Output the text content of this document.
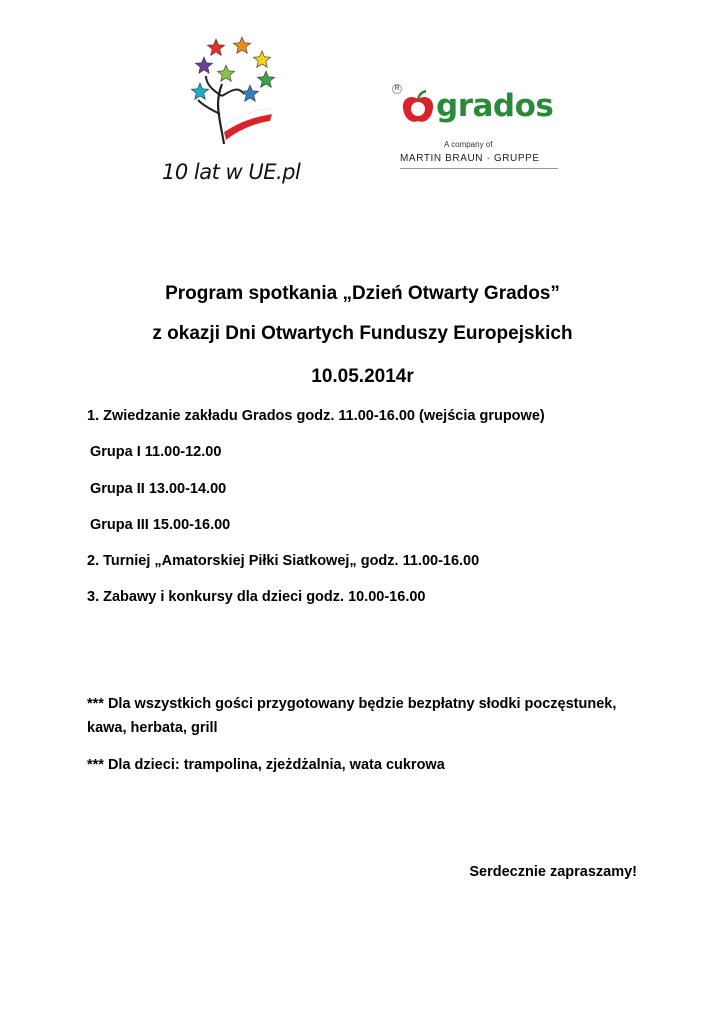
10 lat w UE.pl
R grados
A company of
MARTIN BRAUN · GRUPPE
Program spotkania „Dzień Otwarty Grados”
z okazji Dni Otwartych Funduszy Europejskich
10.05.2014r
1. Zwiedzanie zakładu Grados godz. 11.00-16.00 (wejścia grupowe)
Grupa I 11.00-12.00
Grupa II 13.00-14.00
Grupa III 15.00-16.00
2. Turniej „Amatorskiej Piłki Siatkowej„ godz. 11.00-16.00
3. Zabawy i konkursy dla dzieci godz. 10.00-16.00
*** Dla wszystkich gości przygotowany będzie bezpłatny słodki poczęstunek,
kawa, herbata, grill
*** Dla dzieci: trampolina, zjeżdżalnia, wata cukrowa
Serdecznie zapraszamy!
